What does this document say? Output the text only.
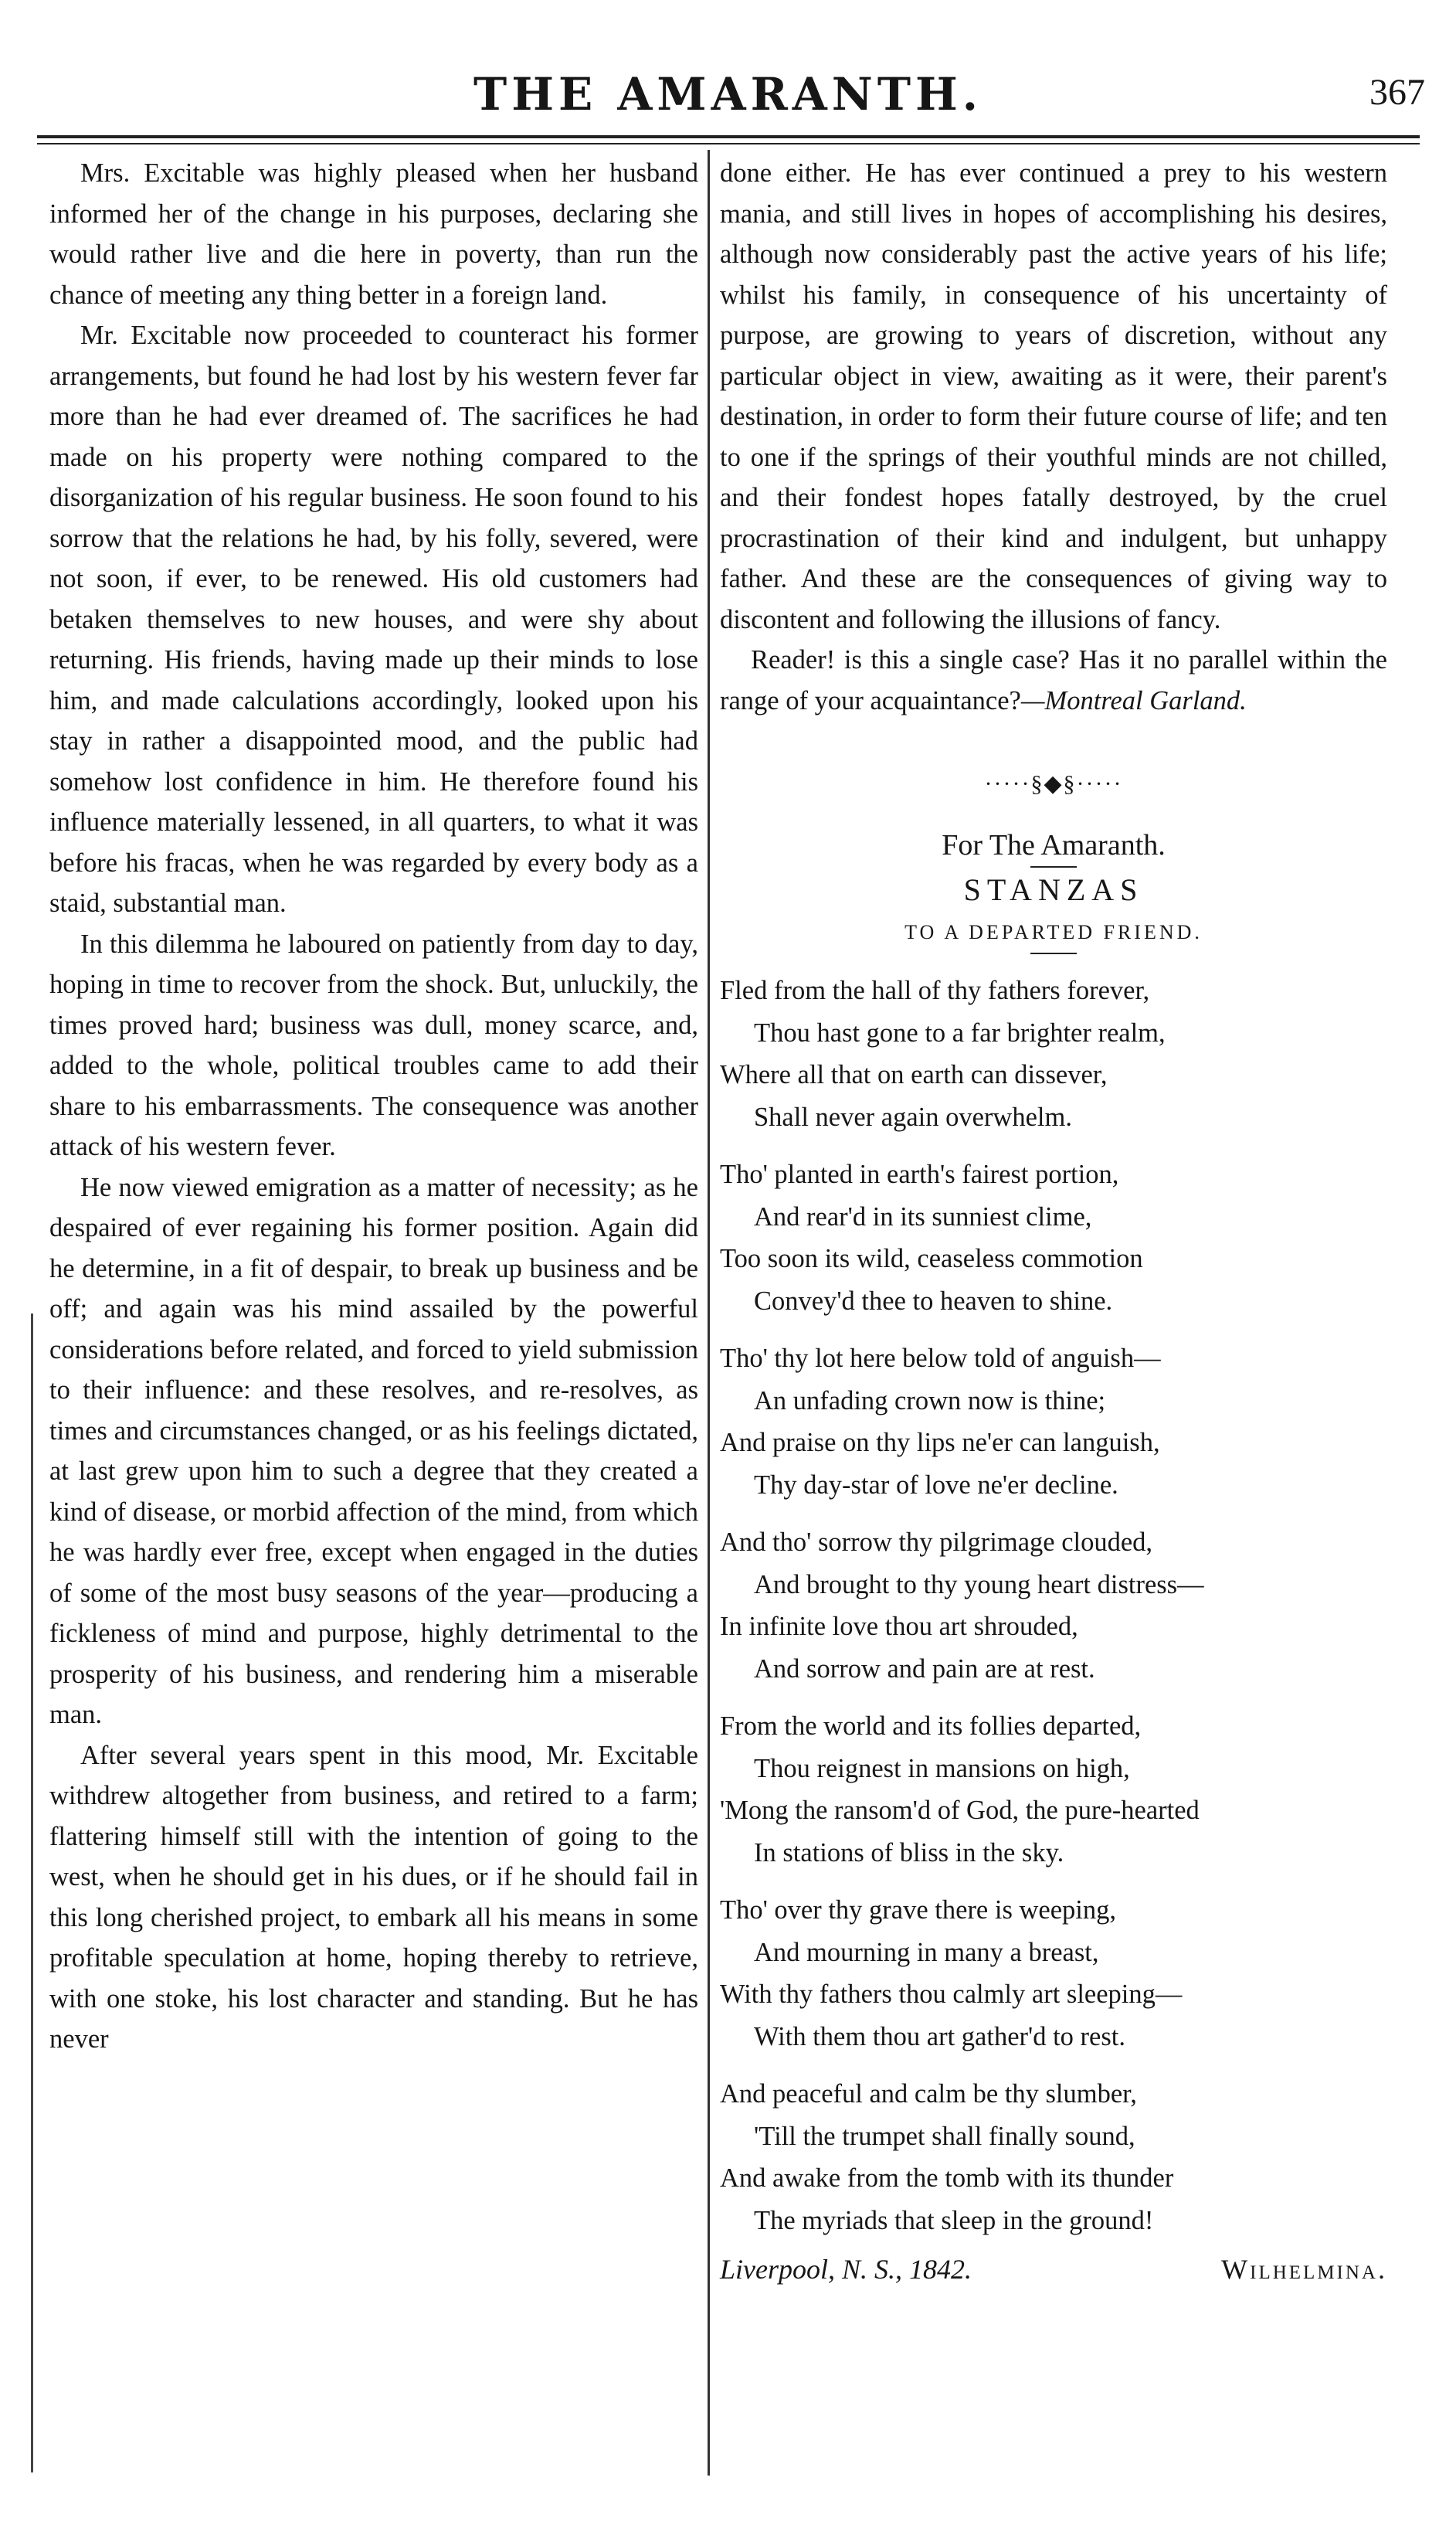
THE AMARANTH.	367

Mrs. Excitable was highly pleased when her husband informed her of the change in his purposes, declaring she would rather live and die here in poverty, than run the chance of meeting any thing better in a foreign land.

Mr. Excitable now proceeded to counteract his former arrangements, but found he had lost by his western fever far more than he had ever dreamed of. The sacrifices he had made on his property were nothing compared to the disorganization of his regular business. He soon found to his sorrow that the relations he had, by his folly, severed, were not soon, if ever, to be renewed. His old customers had betaken themselves to new houses, and were shy about returning. His friends, having made up their minds to lose him, and made calculations accordingly, looked upon his stay in rather a disappointed mood, and the public had somehow lost confidence in him. He therefore found his influence materially lessened, in all quarters, to what it was before his fracas, when he was regarded by every body as a staid, substantial man.

In this dilemma he laboured on patiently from day to day, hoping in time to recover from the shock. But, unluckily, the times proved hard; business was dull, money scarce, and, added to the whole, political troubles came to add their share to his embarrassments. The consequence was another attack of his western fever.

He now viewed emigration as a matter of necessity; as he despaired of ever regaining his former position. Again did he determine, in a fit of despair, to break up business and be off; and again was his mind assailed by the powerful considerations before related, and forced to yield submission to their influence: and these resolves, and re-resolves, as times and circumstances changed, or as his feelings dictated, at last grew upon him to such a degree that they created a kind of disease, or morbid affection of the mind, from which he was hardly ever free, except when engaged in the duties of some of the most busy seasons of the year—producing a fickleness of mind and purpose, highly detrimental to the prosperity of his business, and rendering him a miserable man.

After several years spent in this mood, Mr. Excitable withdrew altogether from business, and retired to a farm; flattering himself still with the intention of going to the west, when he should get in his dues, or if he should fail in this long cherished project, to embark all his means in some profitable speculation at home, hoping thereby to retrieve, with one stoke, his lost character and standing. But he has never

done either. He has ever continued a prey to his western mania, and still lives in hopes of accomplishing his desires, although now considerably past the active years of his life; whilst his family, in consequence of his uncertainty of purpose, are growing to years of discretion, without any particular object in view, awaiting as it were, their parent's destination, in order to form their future course of life; and ten to one if the springs of their youthful minds are not chilled, and their fondest hopes fatally destroyed, by the cruel procrastination of their kind and indulgent, but unhappy father. And these are the consequences of giving way to discontent and following the illusions of fancy.

Reader! is this a single case? Has it no parallel within the range of your acquaintance?—Montreal Garland.

·····§◆§·····
For The Amaranth.
STANZAS
TO A DEPARTED FRIEND.
Fled from the hall of thy fathers forever,
Thou hast gone to a far brighter realm,
Where all that on earth can dissever,
Shall never again overwhelm.
Tho' planted in earth's fairest portion,
And rear'd in its sunniest clime,
Too soon its wild, ceaseless commotion
Convey'd thee to heaven to shine.
Tho' thy lot here below told of anguish—
An unfading crown now is thine;
And praise on thy lips ne'er can languish,
Thy day-star of love ne'er decline.
And tho' sorrow thy pilgrimage clouded,
And brought to thy young heart distress—
In infinite love thou art shrouded,
And sorrow and pain are at rest.
From the world and its follies departed,
Thou reignest in mansions on high,
'Mong the ransom'd of God, the pure-hearted
In stations of bliss in the sky.
Tho' over thy grave there is weeping,
And mourning in many a breast,
With thy fathers thou calmly art sleeping—
With them thou art gather'd to rest.
And peaceful and calm be thy slumber,
'Till the trumpet shall finally sound,
And awake from the tomb with its thunder
The myriads that sleep in the ground!
Liverpool, N. S., 1842.	Wilhelmina.
